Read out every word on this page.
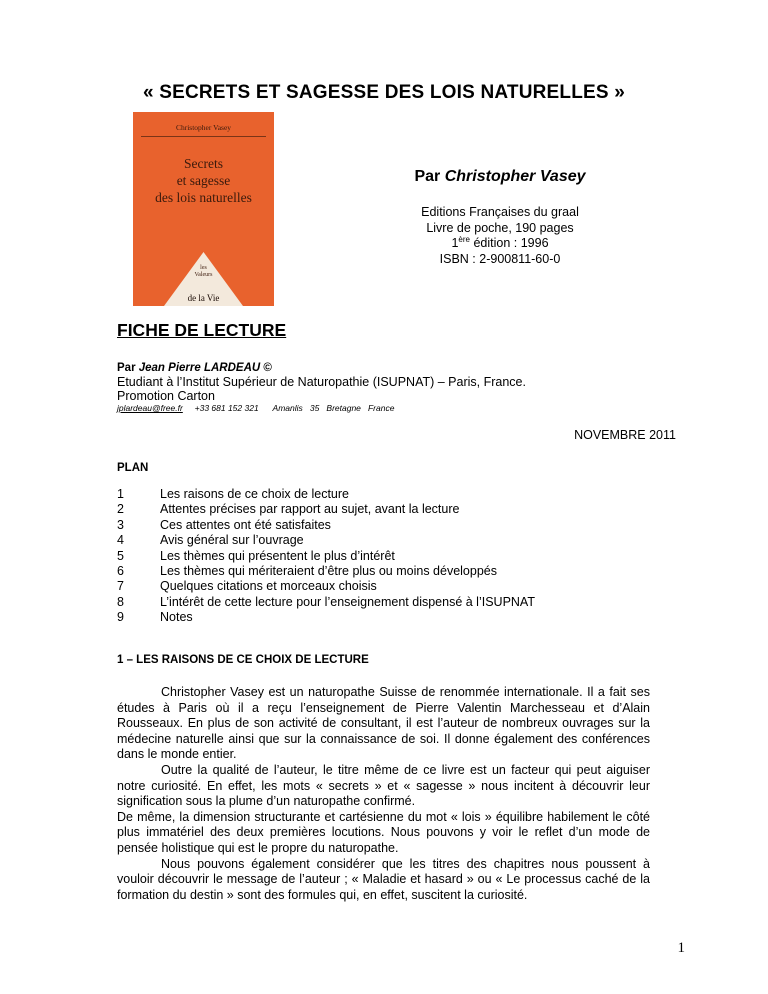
« SECRETS ET SAGESSE DES LOIS NATURELLES »
Christopher Vasey
Secrets
et sagesse
des lois naturelles
les
Valeurs
de la Vie
Par Christopher Vasey
Editions Françaises du graal
Livre de poche, 190 pages
1ère édition : 1996
ISBN : 2-900811-60-0
FICHE DE LECTURE
Par Jean Pierre LARDEAU ©
Etudiant à l’Institut Supérieur de Naturopathie (ISUPNAT) – Paris, France.
Promotion Carton
jplardeau@free.fr +33 681 152 321 Amanlis   35   Bretagne   France
NOVEMBRE 2011
PLAN
1	Les raisons de ce choix de lecture
2	Attentes précises par rapport au sujet, avant la lecture
3	Ces attentes ont été satisfaites
4	Avis général sur l’ouvrage
5	Les thèmes qui présentent le plus d’intérêt
6	Les thèmes qui mériteraient d’être plus ou moins développés
7	Quelques citations et morceaux choisis
8	L’intérêt de cette lecture pour l’enseignement dispensé à l’ISUPNAT
9	Notes
1 – LES RAISONS DE CE CHOIX DE LECTURE

Christopher Vasey est un naturopathe Suisse de renommée internationale. Il a fait ses études à Paris où il a reçu l’enseignement de Pierre Valentin Marchesseau et d’Alain Rousseaux. En plus de son activité de consultant, il est l’auteur de nombreux ouvrages sur la médecine naturelle ainsi que sur la connaissance de soi. Il donne également des conférences dans le monde entier.

Outre la qualité de l’auteur, le titre même de ce livre est un facteur qui peut aiguiser notre curiosité. En effet, les mots « secrets » et « sagesse » nous incitent à découvrir leur signification sous la plume d’un naturopathe confirmé.

De même, la dimension structurante et cartésienne du mot « lois » équilibre habilement le côté plus immatériel des deux premières locutions. Nous pouvons y voir le reflet d’un mode de pensée holistique qui est le propre du naturopathe.

Nous pouvons également considérer que les titres des chapitres nous poussent à vouloir découvrir le message de l’auteur ; « Maladie et hasard » ou « Le processus caché de la formation du destin » sont des formules qui, en effet, suscitent la curiosité.

1
